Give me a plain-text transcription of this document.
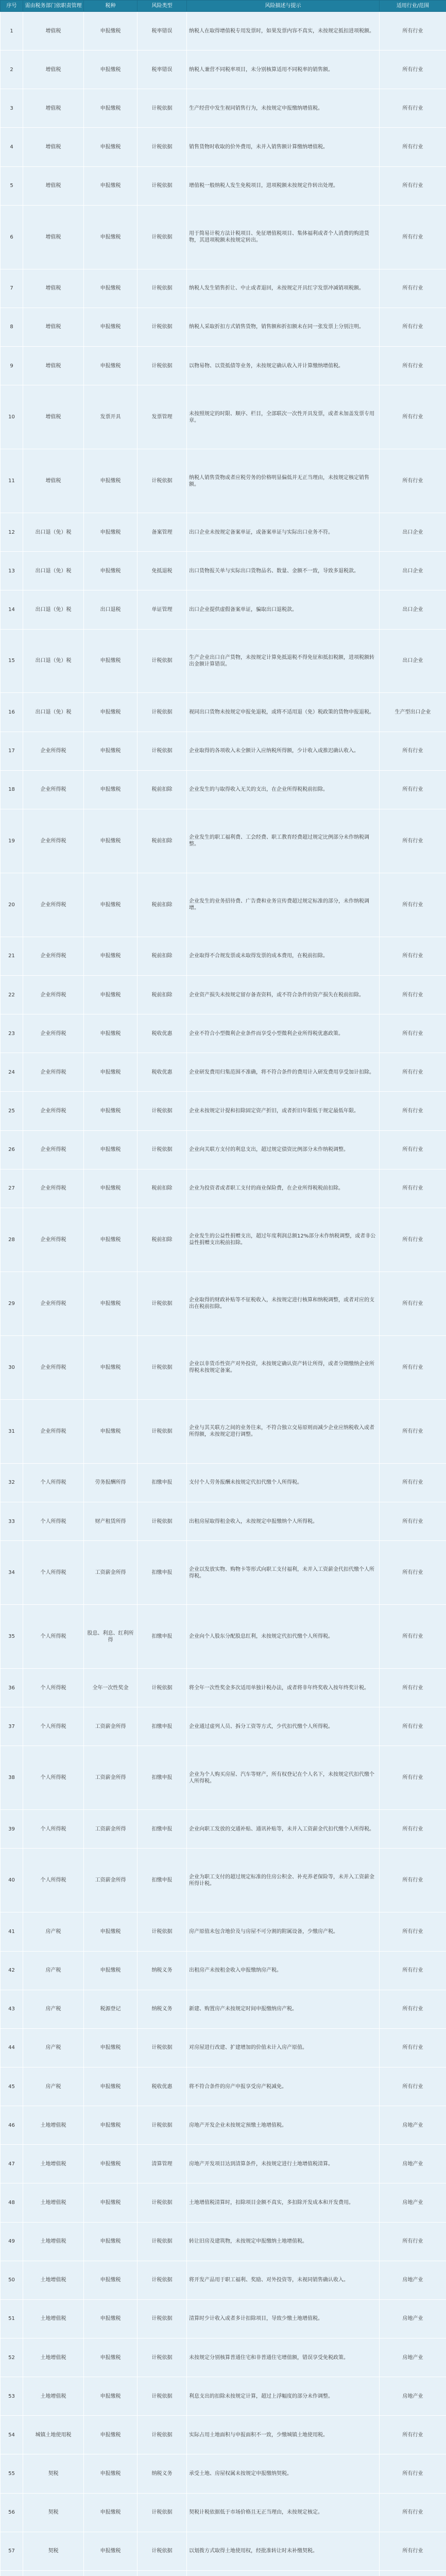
序号	需由税务部门依职责管理	税种	风险类型	风险描述与提示	适用行业/范围
1	增值税	申报缴税	税率错误	纳税人在取得增值税专用发票时，如果发票内容不真实，未按规定抵扣进项税额。	所有行业
2	增值税	申报缴税	税率错误	纳税人兼营不同税率项目，未分别核算适用不同税率的销售额。	所有行业
3	增值税	申报缴税	计税依据	生产经营中发生视同销售行为，未按规定申报缴纳增值税。	所有行业
4	增值税	申报缴税	计税依据	销售货物时收取的价外费用，未并入销售额计算缴纳增值税。	所有行业
5	增值税	申报缴税	计税依据	增值税一般纳税人发生免税项目，进项税额未按规定作转出处理。	所有行业
6	增值税	申报缴税	计税依据	用于简易计税方法计税项目、免征增值税项目、集体福利或者个人消费的购进货物，其进项税额未按规定转出。	所有行业
7	增值税	申报缴税	计税依据	纳税人发生销售折让、中止或者退回，未按规定开具红字发票冲减销项税额。	所有行业
8	增值税	申报缴税	计税依据	纳税人采取折扣方式销售货物，销售额和折扣额未在同一张发票上分别注明。	所有行业
9	增值税	申报缴税	计税依据	以物易物、以货抵债等业务，未按规定确认收入并计算缴纳增值税。	所有行业
10	增值税	发票开具	发票管理	未按照规定的时限、顺序、栏目，全部联次一次性开具发票，或者未加盖发票专用章。	所有行业
11	增值税	申报缴税	计税依据	纳税人销售货物或者应税劳务的价格明显偏低并无正当理由，未按规定核定销售额。	所有行业
12	出口退（免）税	申报缴税	备案管理	出口企业未按规定备案单证，或备案单证与实际出口业务不符。	出口企业
13	出口退（免）税	申报缴税	免抵退税	出口货物报关单与实际出口货物品名、数量、金额不一致，导致多退税款。	出口企业
14	出口退（免）税	出口退税	单证管理	出口企业提供虚假备案单证，骗取出口退税款。	出口企业
15	出口退（免）税	申报缴税	计税依据	生产企业出口自产货物，未按规定计算免抵退税不得免征和抵扣税额，进项税额转出金额计算错误。	出口企业
16	出口退（免）税	申报缴税	计税依据	视同出口货物未按规定申报免退税，或将不适用退（免）税政策的货物申报退税。	生产型出口企业
17	企业所得税	申报缴税	计税依据	企业取得的各项收入未全额计入应纳税所得额，少计收入或推迟确认收入。	所有行业
18	企业所得税	申报缴税	税前扣除	企业发生的与取得收入无关的支出，在企业所得税税前扣除。	所有行业
19	企业所得税	申报缴税	税前扣除	企业发生的职工福利费、工会经费、职工教育经费超过规定比例部分未作纳税调整。	所有行业
20	企业所得税	申报缴税	税前扣除	企业发生的业务招待费、广告费和业务宣传费超过规定标准的部分，未作纳税调增。	所有行业
21	企业所得税	申报缴税	税前扣除	企业取得不合规发票或未取得发票的成本费用，在税前扣除。	所有行业
22	企业所得税	申报缴税	税前扣除	企业资产损失未按规定留存备查资料，或不符合条件的资产损失在税前扣除。	所有行业
23	企业所得税	申报缴税	税收优惠	企业不符合小型微利企业条件而享受小型微利企业所得税优惠政策。	所有行业
24	企业所得税	申报缴税	税收优惠	企业研发费用归集范围不准确，将不符合条件的费用计入研发费用享受加计扣除。	所有行业
25	企业所得税	申报缴税	计税依据	企业未按规定计提和扣除固定资产折旧，或者折旧年限低于规定最低年限。	所有行业
26	企业所得税	申报缴税	计税依据	企业向关联方支付的利息支出，超过规定债资比例部分未作纳税调整。	所有行业
27	企业所得税	申报缴税	税前扣除	企业为投资者或者职工支付的商业保险费，在企业所得税税前扣除。	所有行业
28	企业所得税	申报缴税	税前扣除	企业发生的公益性捐赠支出，超过年度利润总额12%部分未作纳税调整，或者非公益性捐赠支出税前扣除。	所有行业
29	企业所得税	申报缴税	计税依据	企业取得的财政补贴等不征税收入，未按规定进行核算和纳税调整，或者对应的支出在税前扣除。	所有行业
30	企业所得税	申报缴税	计税依据	企业以非货币性资产对外投资，未按规定确认资产转让所得，或者分期缴纳企业所得税未按规定备案。	所有行业
31	企业所得税	申报缴税	计税依据	企业与其关联方之间的业务往来，不符合独立交易原则而减少企业应纳税收入或者所得额，未按规定进行调整。	所有行业
32	个人所得税	劳务报酬所得	扣缴申报	支付个人劳务报酬未按规定代扣代缴个人所得税。	所有行业
33	个人所得税	财产租赁所得	计税依据	出租房屋取得租金收入，未按规定申报缴纳个人所得税。	所有行业
34	个人所得税	工资薪金所得	扣缴申报	企业以发放实物、购物卡等形式向职工支付福利，未并入工资薪金代扣代缴个人所得税。	所有行业
35	个人所得税	股息、利息、红利所得	扣缴申报	企业向个人股东分配股息红利，未按规定代扣代缴个人所得税。	所有行业
36	个人所得税	全年一次性奖金	计税依据	将全年一次性奖金多次适用单独计税办法，或者将非年终奖收入按年终奖计税。	所有行业
37	个人所得税	工资薪金所得	扣缴申报	企业通过虚列人员、拆分工资等方式，少代扣代缴个人所得税。	所有行业
38	个人所得税	工资薪金所得	扣缴申报	企业为个人购买房屋、汽车等财产，所有权登记在个人名下，未按规定代扣代缴个人所得税。	所有行业
39	个人所得税	工资薪金所得	扣缴申报	企业向职工发放的交通补贴、通讯补贴等，未并入工资薪金代扣代缴个人所得税。	所有行业
40	个人所得税	工资薪金所得	扣缴申报	企业为职工支付的超过规定标准的住房公积金、补充养老保险等，未并入工资薪金所得计税。	所有行业
41	房产税	申报缴税	计税依据	房产原值未包含地价及与房屋不可分割的附属设备，少缴房产税。	所有行业
42	房产税	申报缴税	纳税义务	出租房产未按租金收入申报缴纳房产税。	所有行业
43	房产税	税源登记	纳税义务	新建、购置房产未按规定时间申报缴纳房产税。	所有行业
44	房产税	申报缴税	计税依据	对房屋进行改建、扩建增加的价值未计入房产原值。	所有行业
45	房产税	申报缴税	税收优惠	将不符合条件的房产申报享受房产税减免。	所有行业
46	土地增值税	申报缴税	计税依据	房地产开发企业未按规定预缴土地增值税。	房地产业
47	土地增值税	申报缴税	清算管理	房地产开发项目达到清算条件，未按规定进行土地增值税清算。	房地产业
48	土地增值税	申报缴税	计税依据	土地增值税清算时，扣除项目金额不真实，多扣除开发成本和开发费用。	房地产业
49	土地增值税	申报缴税	计税依据	转让旧房及建筑物，未按规定申报缴纳土地增值税。	所有行业
50	土地增值税	申报缴税	计税依据	将开发产品用于职工福利、奖励、对外投资等，未视同销售确认收入。	房地产业
51	土地增值税	申报缴税	计税依据	清算时少计收入或者多计扣除项目，导致少缴土地增值税。	房地产业
52	土地增值税	申报缴税	计税依据	未按规定分别核算普通住宅和非普通住宅增值额，错误享受免税政策。	房地产业
53	土地增值税	申报缴税	计税依据	利息支出的扣除未按规定计算，超过上浮幅度的部分未作调整。	房地产业
54	城镇土地使用税	申报缴税	计税依据	实际占用土地面积与申报面积不一致，少缴城镇土地使用税。	所有行业
55	契税	申报缴税	纳税义务	承受土地、房屋权属未按规定申报缴纳契税。	所有行业
56	契税	申报缴税	计税依据	契税计税依据低于市场价格且无正当理由，未按规定核定。	所有行业
57	契税	申报缴税	计税依据	以划拨方式取得土地使用权，经批准转让时未补缴契税。	所有行业
